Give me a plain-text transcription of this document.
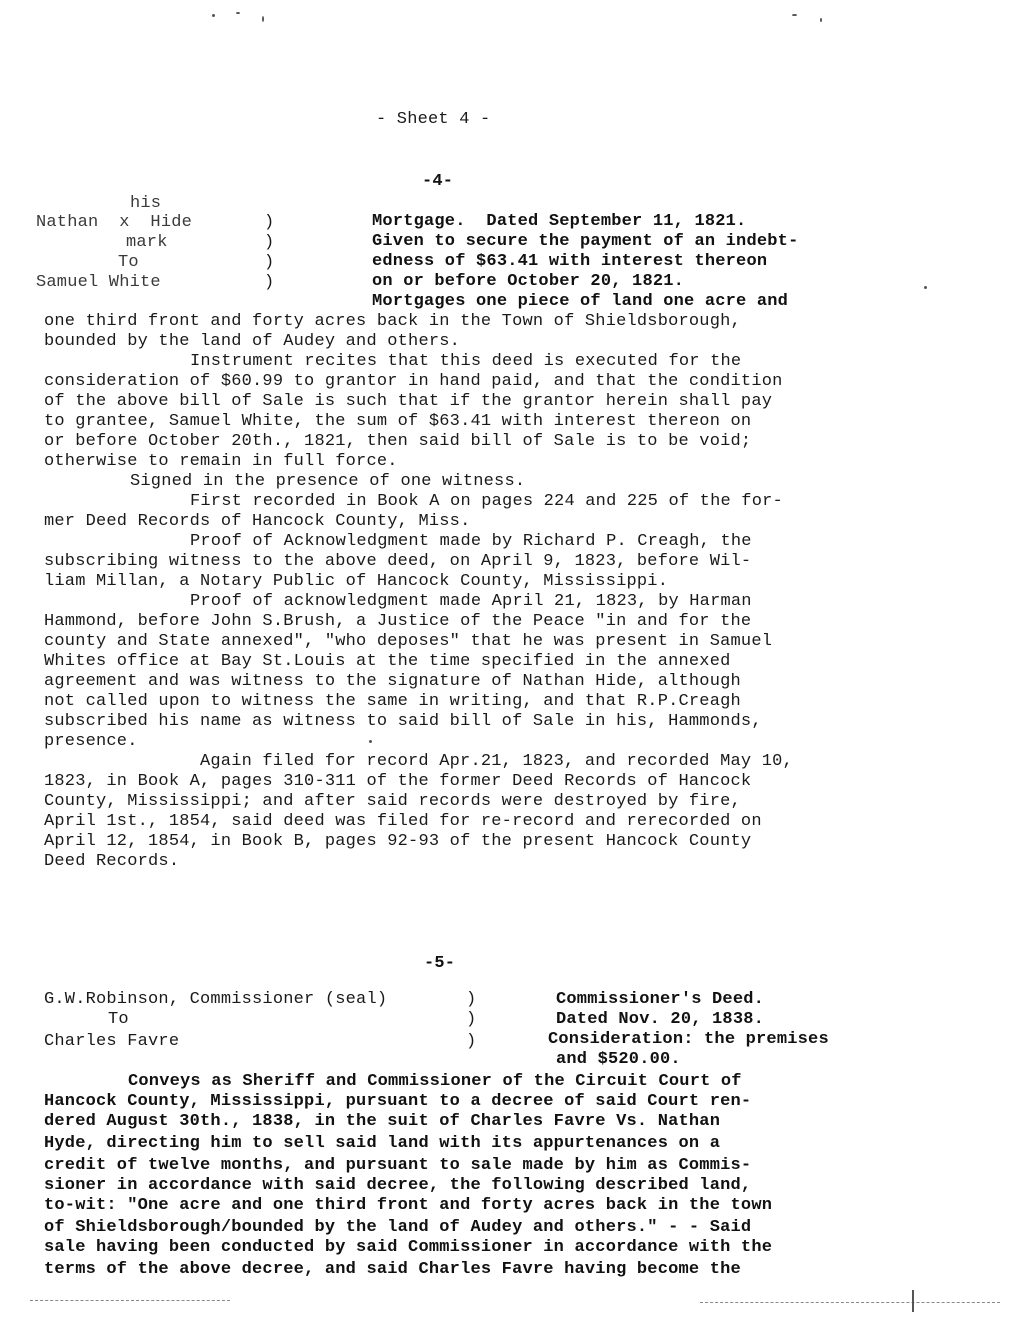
- Sheet 4 -
-4-
his
Nathan  x  Hide
mark
To
Samuel White
)
)
)
)
Mortgage.  Dated September 11, 1821.
Given to secure the payment of an indebt-
edness of $63.41 with interest thereon
on or before October 20, 1821.
Mortgages one piece of land one acre and
one third front and forty acres back in the Town of Shieldsborough,
bounded by the land of Audey and others.
Instrument recites that this deed is executed for the
consideration of $60.99 to grantor in hand paid, and that the condition
of the above bill of Sale is such that if the grantor herein shall pay
to grantee, Samuel White, the sum of $63.41 with interest thereon on
or before October 20th., 1821, then said bill of Sale is to be void;
otherwise to remain in full force.
Signed in the presence of one witness.
First recorded in Book A on pages 224 and 225 of the for-
mer Deed Records of Hancock County, Miss.
Proof of Acknowledgment made by Richard P. Creagh, the
subscribing witness to the above deed, on April 9, 1823, before Wil-
liam Millan, a Notary Public of Hancock County, Mississippi.
Proof of acknowledgment made April 21, 1823, by Harman
Hammond, before John S.Brush, a Justice of the Peace "in and for the
county and State annexed", "who deposes" that he was present in Samuel
Whites office at Bay St.Louis at the time specified in the annexed
agreement and was witness to the signature of Nathan Hide, although
not called upon to witness the same in writing, and that R.P.Creagh
subscribed his name as witness to said bill of Sale in his, Hammonds,
presence.
Again filed for record Apr.21, 1823, and recorded May 10,
1823, in Book A, pages 310-311 of the former Deed Records of Hancock
County, Mississippi; and after said records were destroyed by fire,
April 1st., 1854, said deed was filed for re-record and rerecorded on
April 12, 1854, in Book B, pages 92-93 of the present Hancock County
Deed Records.
-5-
G.W.Robinson, Commissioner (seal)
To
Charles Favre
)
)
)
Commissioner's Deed.
Dated Nov. 20, 1838.
Consideration: the premises
and $520.00.
Conveys as Sheriff and Commissioner of the Circuit Court of
Hancock County, Mississippi, pursuant to a decree of said Court ren-
dered August 30th., 1838, in the suit of Charles Favre Vs. Nathan
Hyde, directing him to sell said land with its appurtenances on a
credit of twelve months, and pursuant to sale made by him as Commis-
sioner in accordance with said decree, the following described land,
to-wit: "One acre and one third front and forty acres back in the town
of Shieldsborough/bounded by the land of Audey and others." - - Said
sale having been conducted by said Commissioner in accordance with the
terms of the above decree, and said Charles Favre having become the
